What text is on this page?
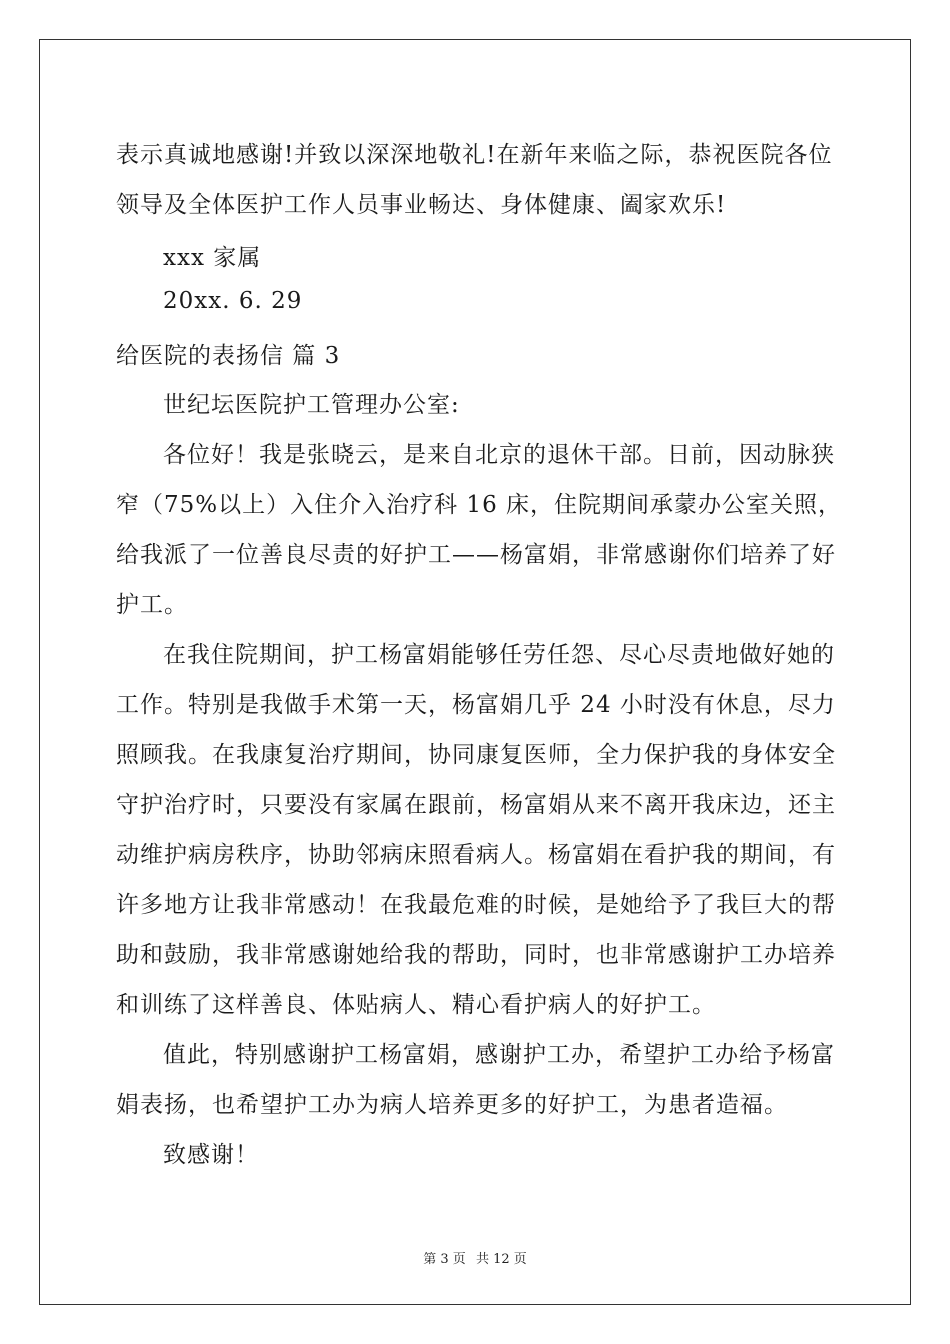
表示真诚地感谢!并致以深深地敬礼!在新年来临之际，恭祝医院各位
领导及全体医护工作人员事业畅达、身体健康、阖家欢乐!
xxx 家属
20xx. 6. 29
给医院的表扬信 篇 3
世纪坛医院护工管理办公室:
各位好！我是张晓云，是来自北京的退休干部。日前，因动脉狭
窄（75%以上）入住介入治疗科 16 床，住院期间承蒙办公室关照，
给我派了一位善良尽责的好护工——杨富娟，非常感谢你们培养了好
护工。
在我住院期间，护工杨富娟能够任劳任怨、尽心尽责地做好她的
工作。特别是我做手术第一天，杨富娟几乎 24 小时没有休息，尽力
照顾我。在我康复治疗期间，协同康复医师，全力保护我的身体安全
守护治疗时，只要没有家属在跟前，杨富娟从来不离开我床边，还主
动维护病房秩序，协助邻病床照看病人。杨富娟在看护我的期间，有
许多地方让我非常感动！在我最危难的时候，是她给予了我巨大的帮
助和鼓励，我非常感谢她给我的帮助，同时，也非常感谢护工办培养
和训练了这样善良、体贴病人、精心看护病人的好护工。
值此，特别感谢护工杨富娟，感谢护工办，希望护工办给予杨富
娟表扬，也希望护工办为病人培养更多的好护工，为患者造福。
致感谢！
第 3 页 共 12 页
